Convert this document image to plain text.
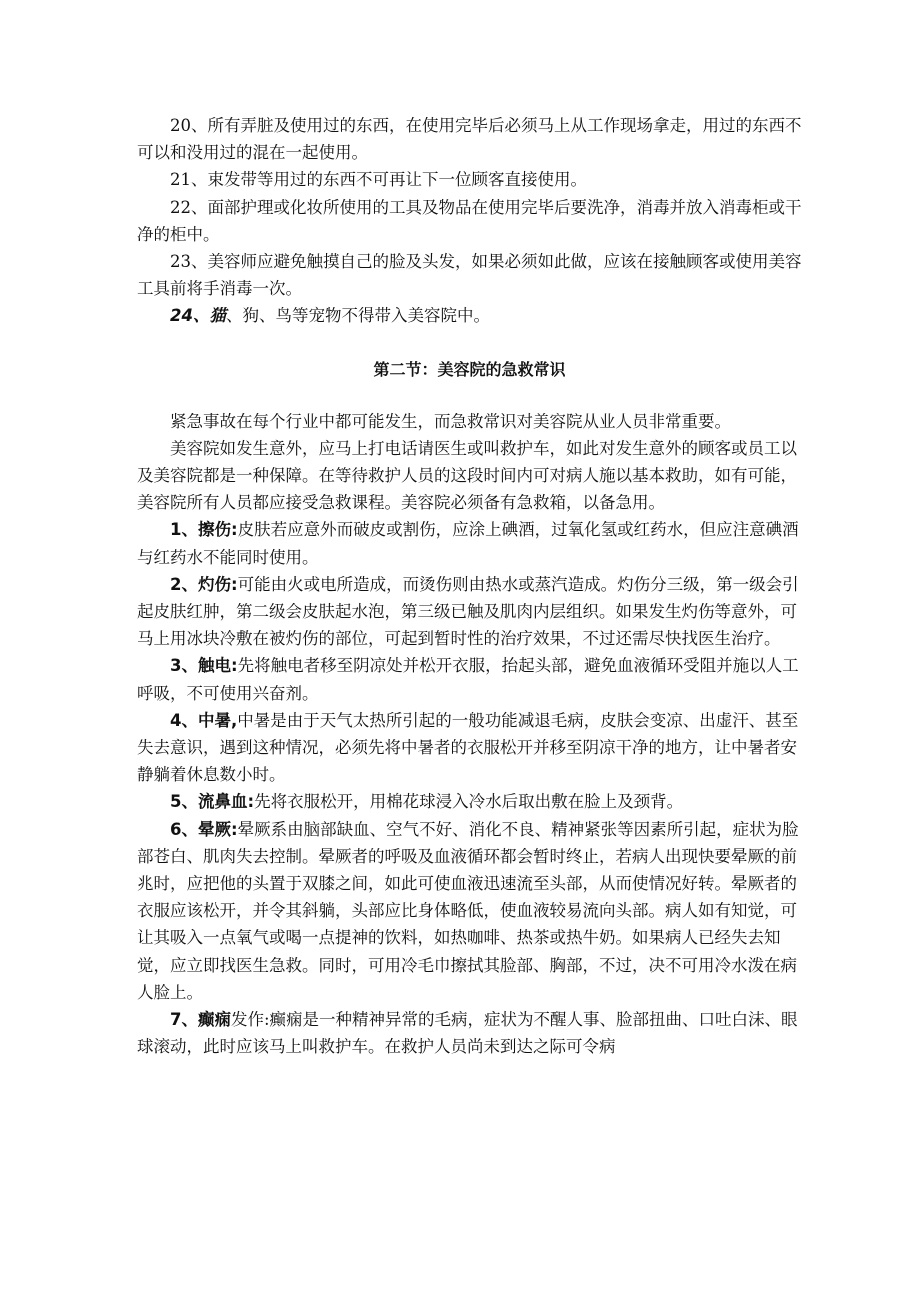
20、所有弄脏及使用过的东西，在使用完毕后必须马上从工作现场拿走，用过的东西不可以和没用过的混在一起使用。

21、束发带等用过的东西不可再让下一位顾客直接使用。

22、面部护理或化妆所使用的工具及物品在使用完毕后要洗净，消毒并放入消毒柜或干净的柜中。

23、美容师应避免触摸自己的脸及头发，如果必须如此做，应该在接触顾客或使用美容工具前将手消毒一次。

24、猫、狗、鸟等宠物不得带入美容院中。

第二节：美容院的急救常识

紧急事故在每个行业中都可能发生，而急救常识对美容院从业人员非常重要。

美容院如发生意外，应马上打电话请医生或叫救护车，如此对发生意外的顾客或员工以及美容院都是一种保障。在等待救护人员的这段时间内可对病人施以基本救助，如有可能，美容院所有人员都应接受急救课程。美容院必须备有急救箱，以备急用。

1、擦伤:皮肤若应意外而破皮或割伤，应涂上碘酒，过氧化氢或红药水，但应注意碘酒与红药水不能同时使用。

2、灼伤:可能由火或电所造成，而烫伤则由热水或蒸汽造成。灼伤分三级，第一级会引起皮肤红肿，第二级会皮肤起水泡，第三级已触及肌肉内层组织。如果发生灼伤等意外，可马上用冰块冷敷在被灼伤的部位，可起到暂时性的治疗效果，不过还需尽快找医生治疗。

3、触电:先将触电者移至阴凉处并松开衣服，抬起头部，避免血液循环受阻并施以人工呼吸，不可使用兴奋剂。

4、中暑,中暑是由于天气太热所引起的一般功能减退毛病，皮肤会变凉、出虚汗、甚至失去意识，遇到这种情况，必须先将中暑者的衣服松开并移至阴凉干净的地方，让中暑者安静躺着休息数小时。

5、流鼻血:先将衣服松开，用棉花球浸入冷水后取出敷在脸上及颈背。

6、晕厥:晕厥系由脑部缺血、空气不好、消化不良、精神紧张等因素所引起，症状为脸部苍白、肌肉失去控制。晕厥者的呼吸及血液循环都会暂时终止，若病人出现快要晕厥的前兆时，应把他的头置于双膝之间，如此可使血液迅速流至头部，从而使情况好转。晕厥者的衣服应该松开，并令其斜躺，头部应比身体略低，使血液较易流向头部。病人如有知觉，可让其吸入一点氧气或喝一点提神的饮料，如热咖啡、热茶或热牛奶。如果病人已经失去知觉，应立即找医生急救。同时，可用冷毛巾擦拭其脸部、胸部，不过，决不可用冷水泼在病人脸上。

7、癫痫发作:癫痫是一种精神异常的毛病，症状为不醒人事、脸部扭曲、口吐白沫、眼球滚动，此时应该马上叫救护车。在救护人员尚未到达之际可令病
